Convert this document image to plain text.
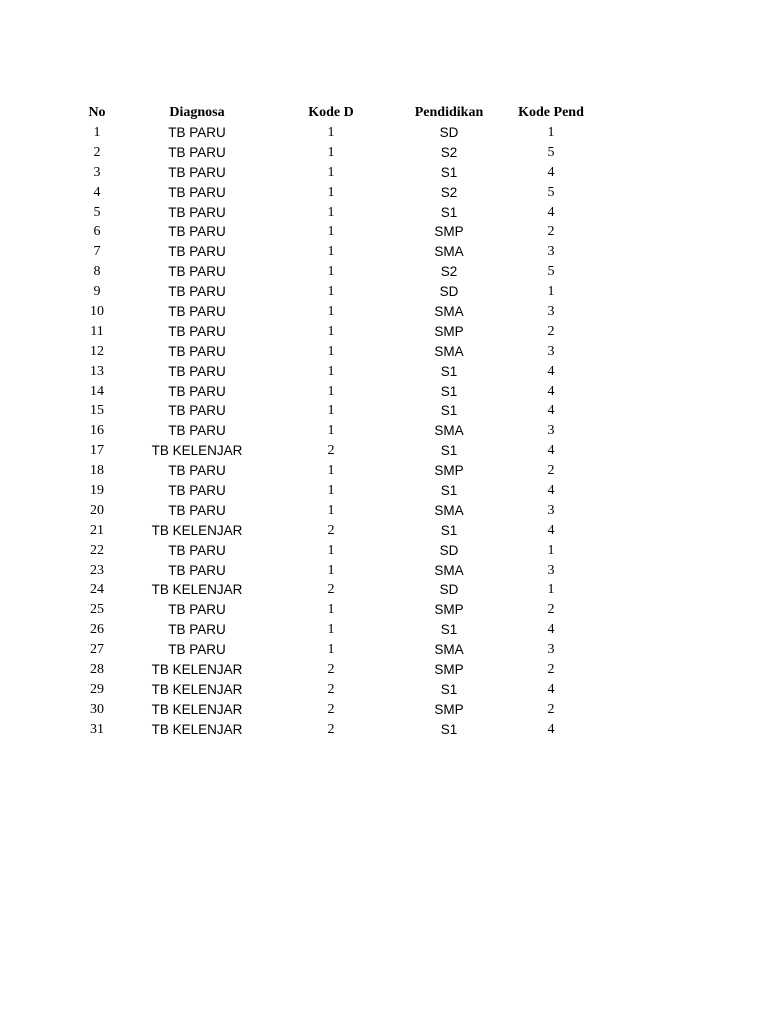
No	Diagnosa	Kode D	Pendidikan	Kode Pend
1	TB PARU	1	SD	1
2	TB PARU	1	S2	5
3	TB PARU	1	S1	4
4	TB PARU	1	S2	5
5	TB PARU	1	S1	4
6	TB PARU	1	SMP	2
7	TB PARU	1	SMA	3
8	TB PARU	1	S2	5
9	TB PARU	1	SD	1
10	TB PARU	1	SMA	3
11	TB PARU	1	SMP	2
12	TB PARU	1	SMA	3
13	TB PARU	1	S1	4
14	TB PARU	1	S1	4
15	TB PARU	1	S1	4
16	TB PARU	1	SMA	3
17	TB KELENJAR	2	S1	4
18	TB PARU	1	SMP	2
19	TB PARU	1	S1	4
20	TB PARU	1	SMA	3
21	TB KELENJAR	2	S1	4
22	TB PARU	1	SD	1
23	TB PARU	1	SMA	3
24	TB KELENJAR	2	SD	1
25	TB PARU	1	SMP	2
26	TB PARU	1	S1	4
27	TB PARU	1	SMA	3
28	TB KELENJAR	2	SMP	2
29	TB KELENJAR	2	S1	4
30	TB KELENJAR	2	SMP	2
31	TB KELENJAR	2	S1	4
